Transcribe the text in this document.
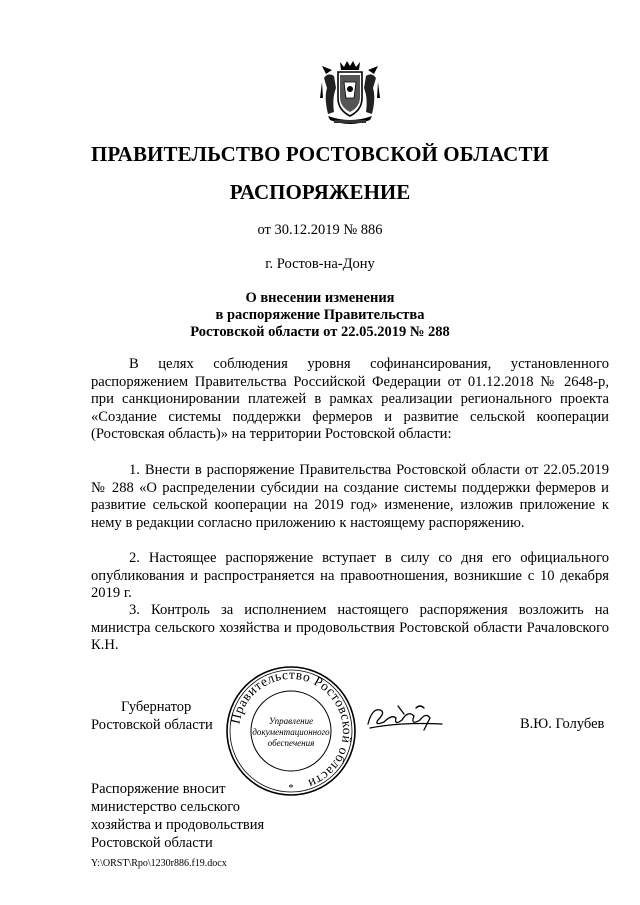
ПРАВИТЕЛЬСТВО РОСТОВСКОЙ ОБЛАСТИ
РАСПОРЯЖЕНИЕ
от 30.12.2019 № 886
г. Ростов-на-Дону
О внесении изменения
в распоряжение Правительства
Ростовской области от 22.05.2019 № 288
В целях соблюдения уровня софинансирования, установленного распоряжением Правительства Российской Федерации от 01.12.2018 № 2648-р, при санкционировании платежей в рамках реализации регионального проекта «Создание системы поддержки фермеров и развитие сельской кооперации (Ростовская область)» на территории Ростовской области:
1. Внести в распоряжение Правительства Ростовской области от 22.05.2019 № 288 «О распределении субсидии на создание системы поддержки фермеров и развитие сельской кооперации на 2019 год» изменение, изложив приложение к нему в редакции согласно приложению к настоящему распоряжению.
2. Настоящее распоряжение вступает в силу со дня его официального опубликования и распространяется на правоотношения, возникшие с 10 декабря 2019 г.
3. Контроль за исполнением настоящего распоряжения возложить на министра сельского хозяйства и продовольствия Ростовской области Рачаловского К.Н.
Губернатор
Ростовской области Правительство Ростовской области
Управление
документационного
обеспечения
*
В.Ю. Голубев
Распоряжение вносит
министерство сельского
хозяйства и продовольствия
Ростовской области
Y:\ORST\Rpo\1230r886.f19.docx
